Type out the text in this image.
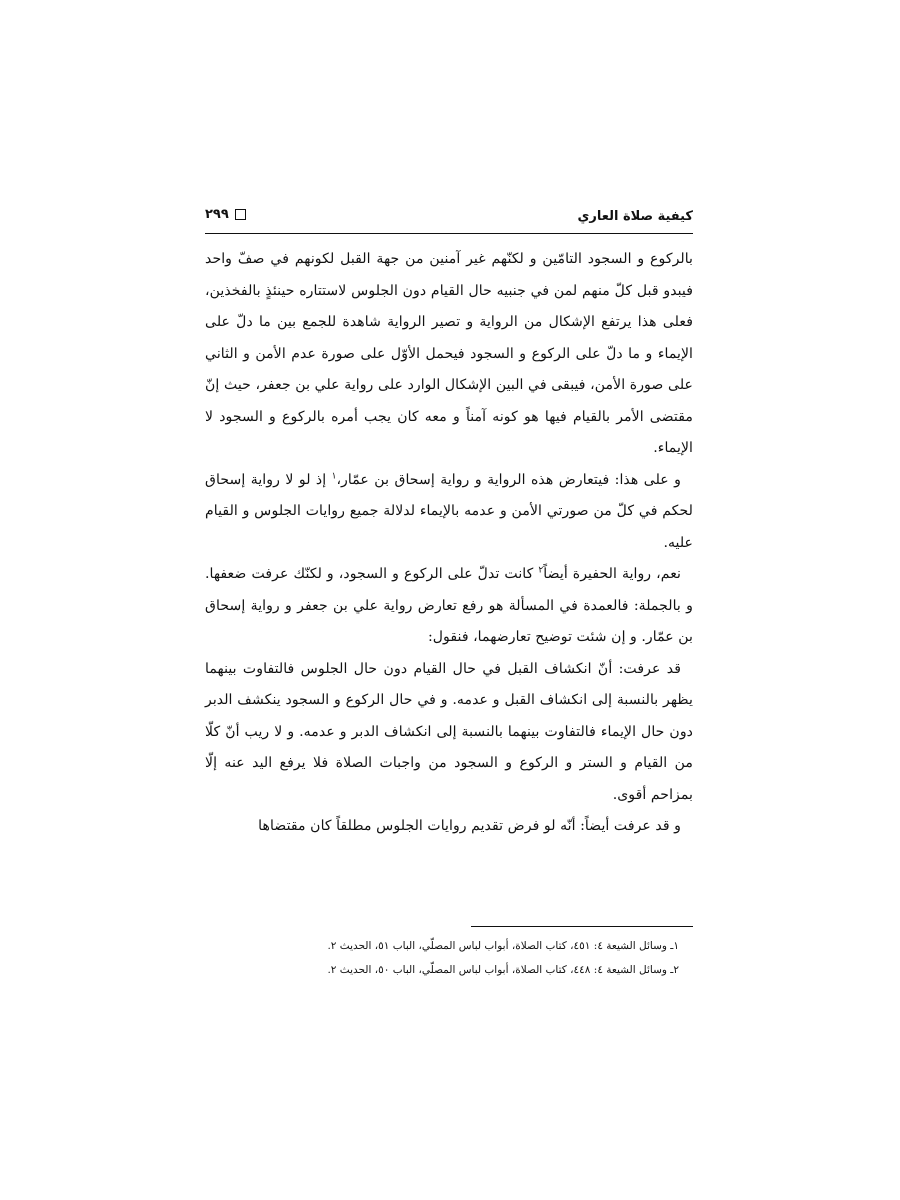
كيفية صلاة العاري
٢٩٩

بالركوع و السجود التامّين و لكنّهم غير آمنين من جهة القبل لكونهم في صفّ واحد فيبدو قبل كلّ منهم لمن في جنبيه حال القيام دون الجلوس لاستتاره حينئذٍ بالفخذين، فعلى هذا يرتفع الإشكال من الرواية و تصير الرواية شاهدة للجمع بين ما دلّ على الإيماء و ما دلّ على الركوع و السجود فيحمل الأوّل على صورة عدم الأمن و الثاني على صورة الأمن، فيبقى في البين الإشكال الوارد على رواية علي بن جعفر، حيث إنّ مقتضى الأمر بالقيام فيها هو كونه آمناً و معه كان يجب أمره بالركوع و السجود لا الإيماء.

و على هذا: فيتعارض هذه الرواية و رواية إسحاق بن عمّار،$^١$ إذ لو لا رواية إسحاق لحكم في كلّ من صورتي الأمن و عدمه بالإيماء لدلالة جميع روايات الجلوس و القيام عليه.

نعم، رواية الحفيرة أيضاً$^٢$ كانت تدلّ على الركوع و السجود، و لكنّك عرفت ضعفها. و بالجملة: فالعمدة في المسألة هو رفع تعارض رواية علي بن جعفر و رواية إسحاق بن عمّار. و إن شئت توضيح تعارضهما، فنقول:

قد عرفت: أنّ انكشاف القبل في حال القيام دون حال الجلوس فالتفاوت بينهما يظهر بالنسبة إلى انكشاف القبل و عدمه. و في حال الركوع و السجود ينكشف الدبر دون حال الإيماء فالتفاوت بينهما بالنسبة إلى انكشاف الدبر و عدمه. و لا ريب أنّ كلّا من القيام و الستر و الركوع و السجود من واجبات الصلاة فلا يرفع اليد عنه إلّا بمزاحم أقوى.

و قد عرفت أيضاً: أنّه لو فرض تقديم روايات الجلوس مطلقاً كان مقتضاها

١ـ وسائل الشيعة ٤: ٤٥١، كتاب الصلاة، أبواب لباس المصلّي، الباب ٥١، الحديث ٢.
٢ـ وسائل الشيعة ٤: ٤٤٨، كتاب الصلاة، أبواب لباس المصلّي، الباب ٥٠، الحديث ٢.
